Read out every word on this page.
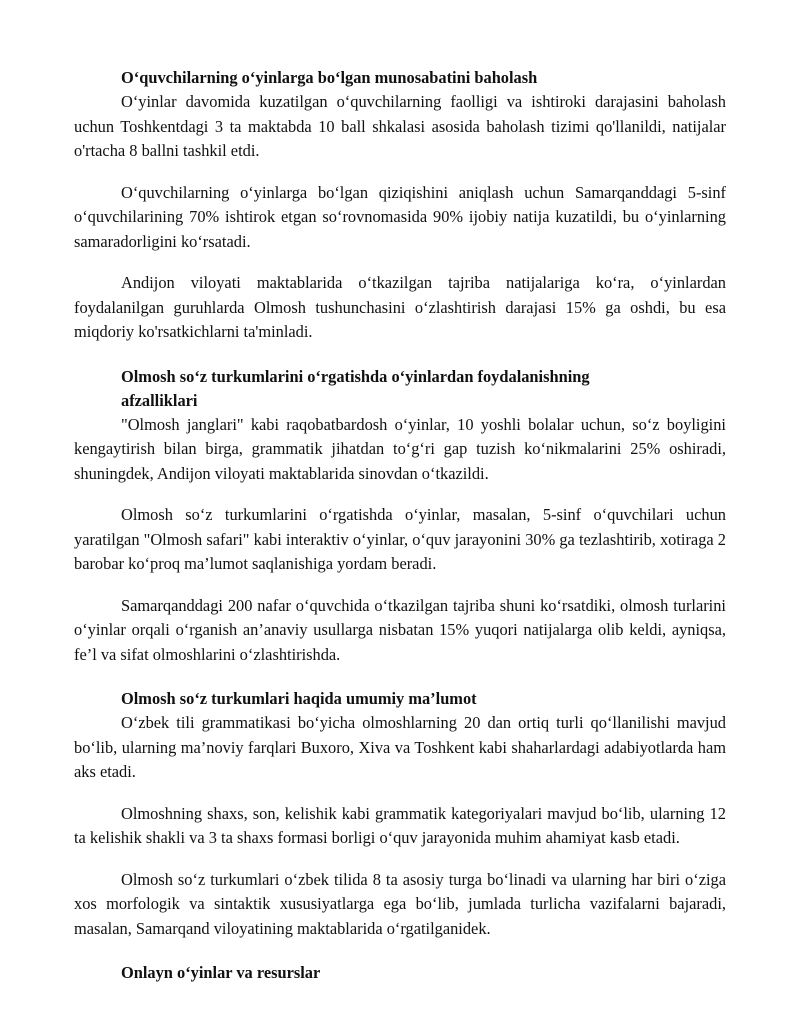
O‘quvchilarning o‘yinlarga bo‘lgan munosabatini baholash

O‘yinlar davomida kuzatilgan o‘quvchilarning faolligi va ishtiroki darajasini baholash uchun Toshkentdagi 3 ta maktabda 10 ball shkalasi asosida baholash tizimi qo'llanildi, natijalar o'rtacha 8 ballni tashkil etdi.

O‘quvchilarning o‘yinlarga bo‘lgan qiziqishini aniqlash uchun Samarqanddagi 5-sinf o‘quvchilarining 70% ishtirok etgan so‘rovnomasida 90% ijobiy natija kuzatildi, bu o‘yinlarning samaradorligini ko‘rsatadi.

Andijon viloyati maktablarida o‘tkazilgan tajriba natijalariga ko‘ra, o‘yinlardan foydalanilgan guruhlarda Olmosh tushunchasini o‘zlashtirish darajasi 15% ga oshdi, bu esa miqdoriy ko'rsatkichlarni ta'minladi.

Olmosh so‘z turkumlarini o‘rgatishda o‘yinlardan foydalanishning afzalliklari

"Olmosh janglari" kabi raqobatbardosh o‘yinlar, 10 yoshli bolalar uchun, so‘z boyligini kengaytirish bilan birga, grammatik jihatdan to‘g‘ri gap tuzish ko‘nikmalarini 25% oshiradi, shuningdek, Andijon viloyati maktablarida sinovdan o‘tkazildi.

Olmosh so‘z turkumlarini o‘rgatishda o‘yinlar, masalan, 5-sinf o‘quvchilari uchun yaratilgan "Olmosh safari" kabi interaktiv o‘yinlar, o‘quv jarayonini 30% ga tezlashtirib, xotiraga 2 barobar ko‘proq ma’lumot saqlanishiga yordam beradi.

Samarqanddagi 200 nafar o‘quvchida o‘tkazilgan tajriba shuni ko‘rsatdiki, olmosh turlarini o‘yinlar orqali o‘rganish an’anaviy usullarga nisbatan 15% yuqori natijalarga olib keldi, ayniqsa, fe’l va sifat olmoshlarini o‘zlashtirishda.

Olmosh so‘z turkumlari haqida umumiy ma’lumot

O‘zbek tili grammatikasi bo‘yicha olmoshlarning 20 dan ortiq turli qo‘llanilishi mavjud bo‘lib, ularning ma’noviy farqlari Buxoro, Xiva va Toshkent kabi shaharlardagi adabiyotlarda ham aks etadi.

Olmoshning shaxs, son, kelishik kabi grammatik kategoriyalari mavjud bo‘lib, ularning 12 ta kelishik shakli va 3 ta shaxs formasi borligi o‘quv jarayonida muhim ahamiyat kasb etadi.

Olmosh so‘z turkumlari o‘zbek tilida 8 ta asosiy turga bo‘linadi va ularning har biri o‘ziga xos morfologik va sintaktik xususiyatlarga ega bo‘lib, jumlada turlicha vazifalarni bajaradi, masalan, Samarqand viloyatining maktablarida o‘rgatilganidek.

Onlayn o‘yinlar va resurslar
